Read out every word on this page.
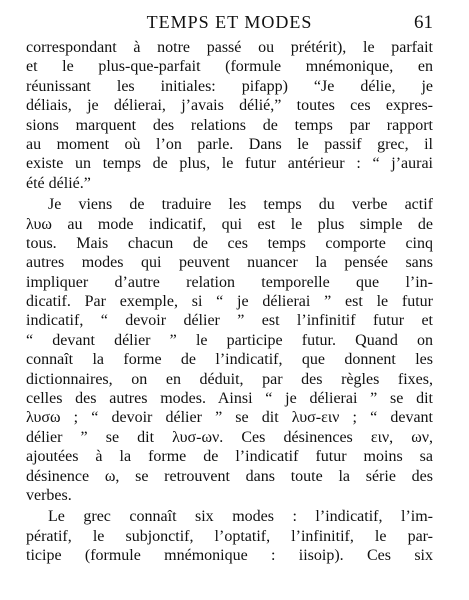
TEMPS ET MODES	61
correspondant à notre passé ou prétérit), le parfait
et le plus-que-parfait (formule mnémonique, en
réunissant les initiales: pifapp) “Je délie, je
déliais, je délierai, j’avais délié,” toutes ces expres-
sions marquent des relations de temps par rapport
au moment où l’on parle. Dans le passif grec, il
existe un temps de plus, le futur antérieur : “ j’aurai
été délié.”
Je viens de traduire les temps du verbe actif
λυω au mode indicatif, qui est le plus simple de
tous. Mais chacun de ces temps comporte cinq
autres modes qui peuvent nuancer la pensée sans
impliquer d’autre relation temporelle que l’in-
dicatif. Par exemple, si “ je délierai ” est le futur
indicatif, “ devoir délier ” est l’infinitif futur et
“ devant délier ” le participe futur. Quand on
connaît la forme de l’indicatif, que donnent les
dictionnaires, on en déduit, par des règles fixes,
celles des autres modes. Ainsi “ je délierai ” se dit
λυσω ; “ devoir délier ” se dit λυσ-ειν ; “ devant
délier ” se dit λυσ-ων. Ces désinences ειν, ων,
ajoutées à la forme de l’indicatif futur moins sa
désinence ω, se retrouvent dans toute la série des
verbes.
Le grec connaît six modes : l’indicatif, l’im-
pératif, le subjonctif, l’optatif, l’infinitif, le par-
ticipe (formule mnémonique : iisoip). Ces six
